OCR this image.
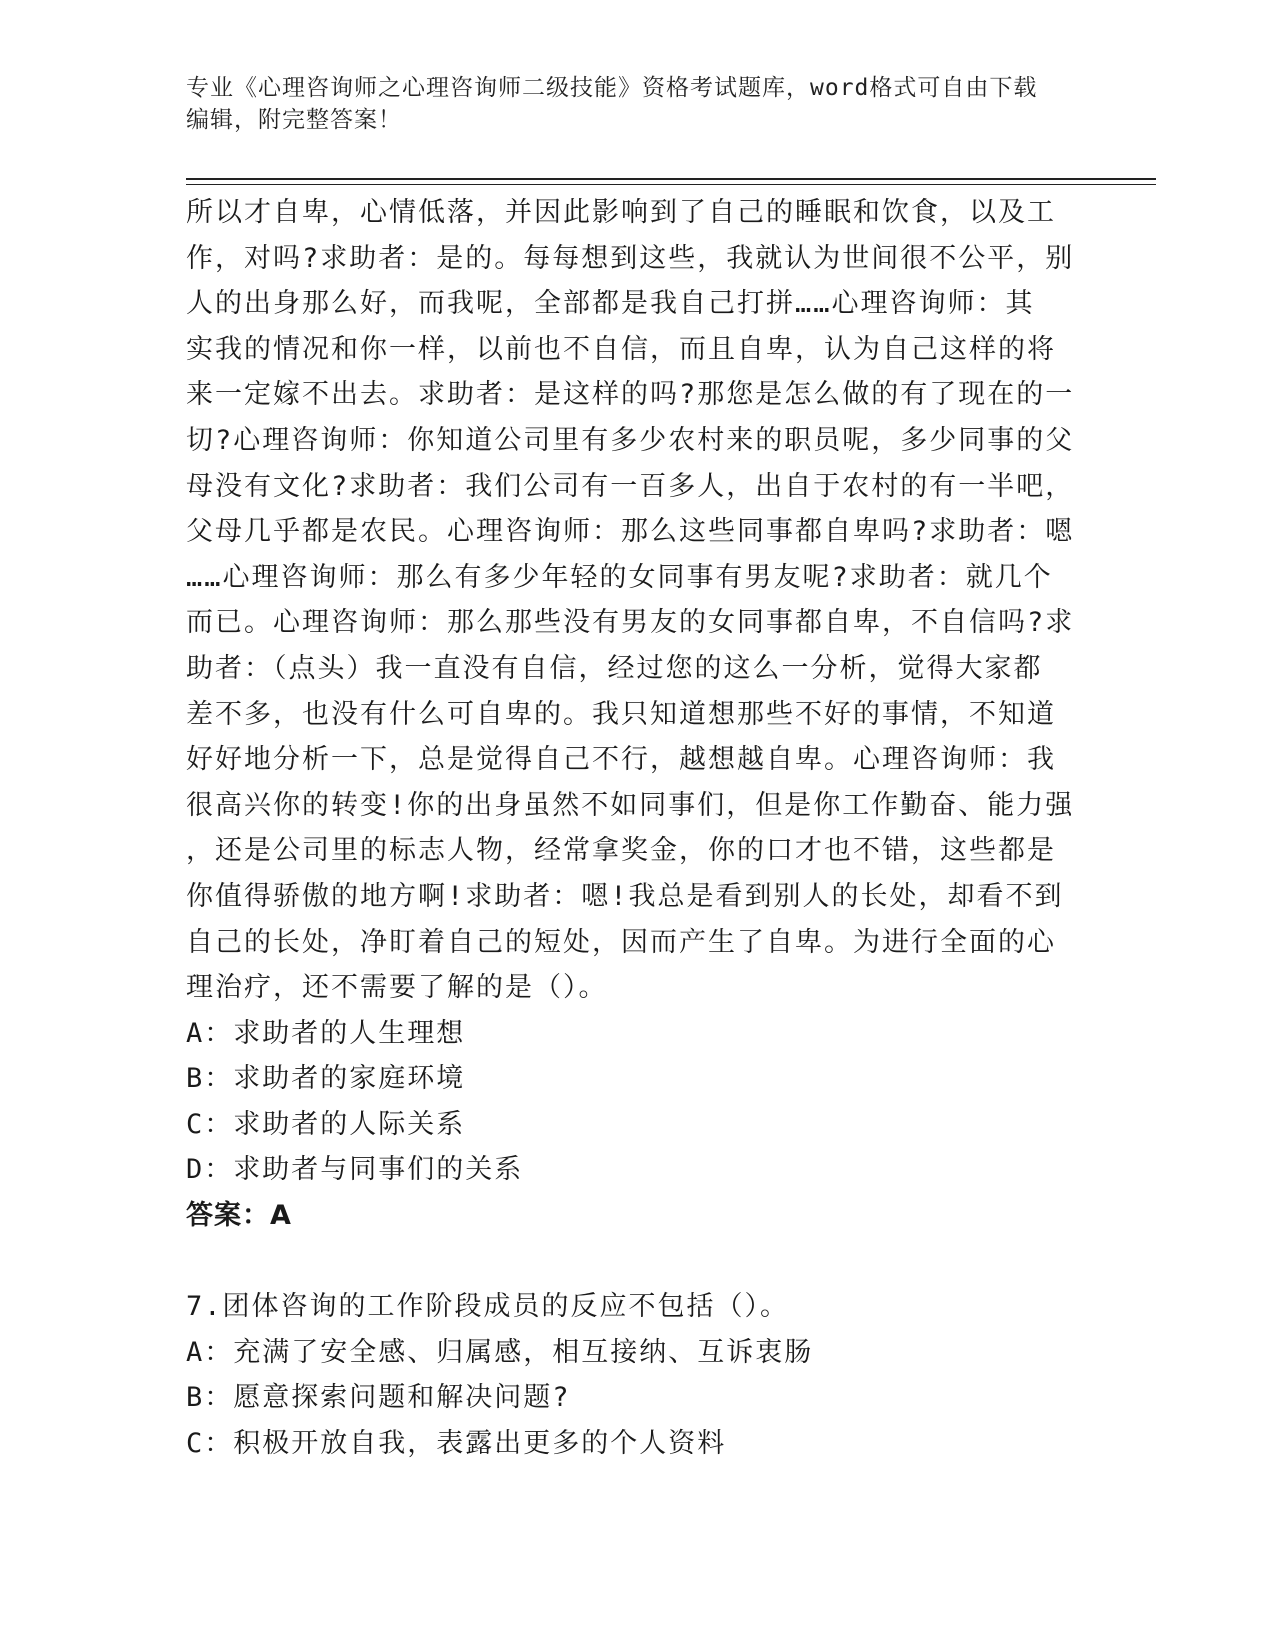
专业《心理咨询师之心理咨询师二级技能》资格考试题库，word格式可自由下载
编辑，附完整答案！
所以才自卑，心情低落，并因此影响到了自己的睡眠和饮食，以及工
作，对吗?求助者：是的。每每想到这些，我就认为世间很不公平，别
人的出身那么好，而我呢，全部都是我自己打拼……心理咨询师：其
实我的情况和你一样，以前也不自信，而且自卑，认为自己这样的将
来一定嫁不出去。求助者：是这样的吗?那您是怎么做的有了现在的一
切?心理咨询师：你知道公司里有多少农村来的职员呢，多少同事的父
母没有文化?求助者：我们公司有一百多人，出自于农村的有一半吧，
父母几乎都是农民。心理咨询师：那么这些同事都自卑吗?求助者：嗯
……心理咨询师：那么有多少年轻的女同事有男友呢?求助者：就几个
而已。心理咨询师：那么那些没有男友的女同事都自卑，不自信吗?求
助者：（点头）我一直没有自信，经过您的这么一分析，觉得大家都
差不多，也没有什么可自卑的。我只知道想那些不好的事情，不知道
好好地分析一下，总是觉得自己不行，越想越自卑。心理咨询师：我
很高兴你的转变!你的出身虽然不如同事们，但是你工作勤奋、能力强
，还是公司里的标志人物，经常拿奖金，你的口才也不错，这些都是
你值得骄傲的地方啊!求助者：嗯!我总是看到别人的长处，却看不到
自己的长处，净盯着自己的短处，因而产生了自卑。为进行全面的心
理治疗，还不需要了解的是（）。
A：求助者的人生理想
B：求助者的家庭环境
C：求助者的人际关系
D：求助者与同事们的关系
答案：A
7.团体咨询的工作阶段成员的反应不包括（）。
A：充满了安全感、归属感，相互接纳、互诉衷肠
B：愿意探索问题和解决问题?
C：积极开放自我，表露出更多的个人资料
